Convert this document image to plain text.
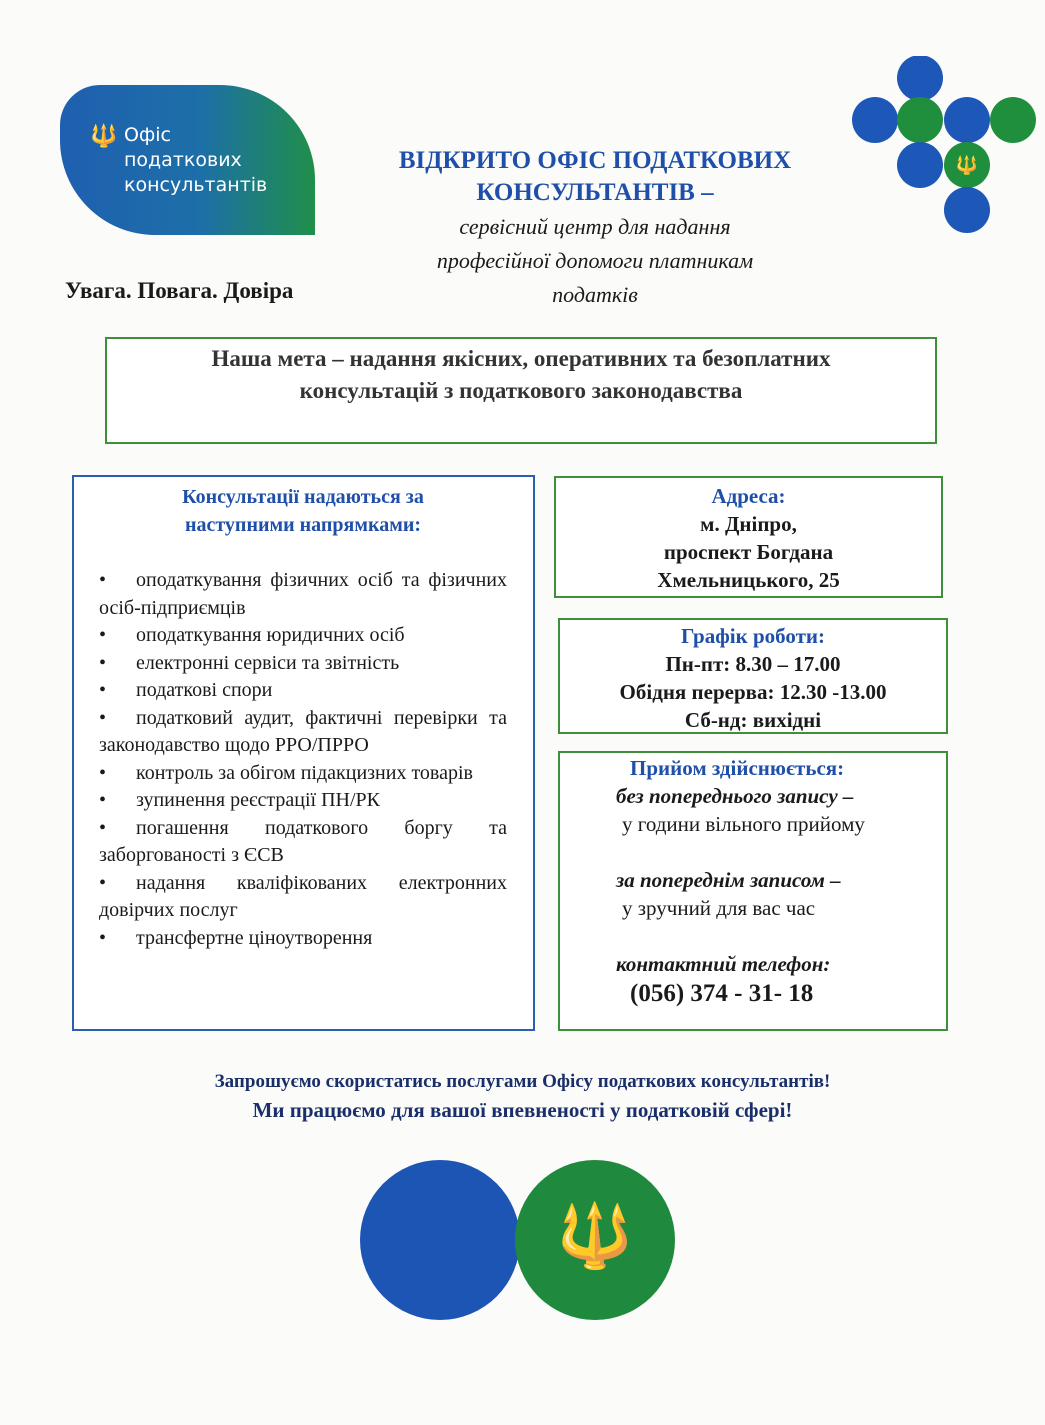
🔱 Офіс
податкових
консультантів
🔱
ВІДКРИТО ОФІС ПОДАТКОВИХ
КОНСУЛЬТАНТІВ –
сервісний центр для надання
професійної допомоги платникам
податків
Увага. Повага. Довіра
Наша мета – надання якісних, оперативних та безоплатних
консультацій з податкового законодавства
Консультації надаються за
наступними напрямками:
• оподаткування фізичних осіб та фізичних осіб-підприємців
• оподаткування юридичних осіб
• електронні сервіси та звітність
• податкові спори
• податковий аудит, фактичні перевірки та законодавство щодо РРО/ПРРО
• контроль за обігом підакцизних товарів
• зупинення реєстрації ПН/РК
• погашення податкового боргу та заборгованості з ЄСВ
• надання кваліфікованих електронних довірчих послуг
• трансфертне ціноутворення
Адреса:
м. Дніпро,
проспект Богдана
Хмельницького, 25
Графік роботи:
Пн-пт: 8.30 – 17.00
Обідня перерва: 12.30 -13.00
Сб-нд: вихідні
Прийом здійснюється:
без попереднього запису –
у години вільного прийому
за попереднім записом –
у зручний для вас час
контактний телефон:
(056) 374 - 31- 18
Запрошуємо скористатись послугами Офісу податкових консультантів!
Ми працюємо для вашої впевненості у податковій сфері!
🔱
